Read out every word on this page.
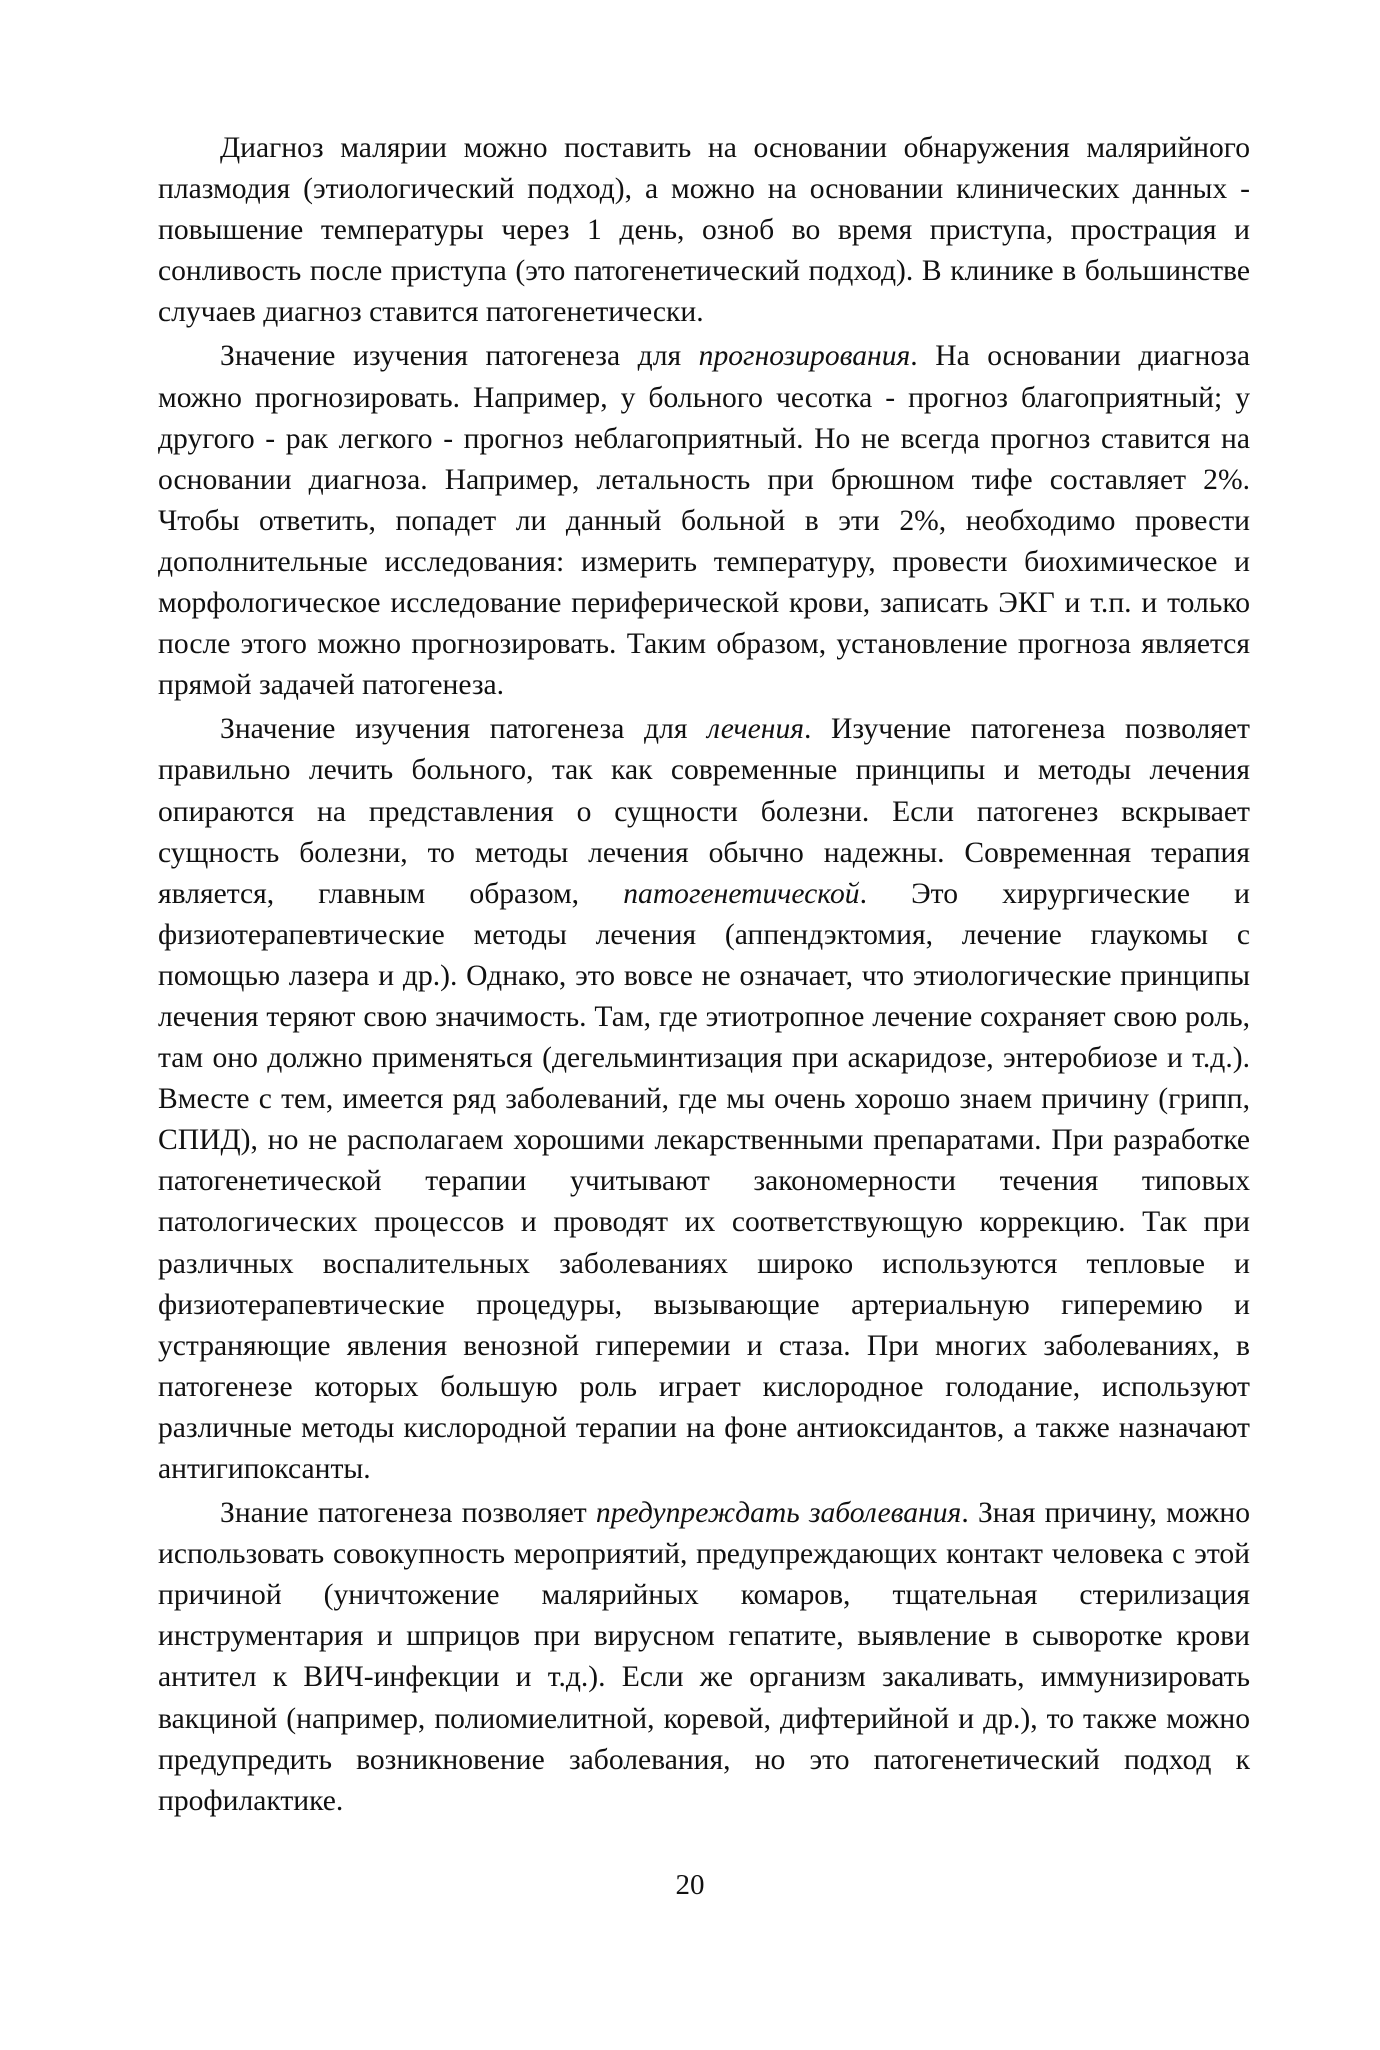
Диагноз малярии можно поставить на основании обнаружения малярийного плазмодия (этиологический подход), а можно на основании клинических данных - повышение температуры через 1 день, озноб во время приступа, прострация и сонливость после приступа (это патогенетический подход). В клинике в большинстве случаев диагноз ставится патогенетически.

Значение изучения патогенеза для прогнозирования. На основании диагноза можно прогнозировать. Например, у больного чесотка - прогноз благоприятный; у другого - рак легкого - прогноз неблагоприятный. Но не всегда прогноз ставится на основании диагноза. Например, летальность при брюшном тифе составляет 2%. Чтобы ответить, попадет ли данный больной в эти 2%, необходимо провести дополнительные исследования: измерить температуру, провести биохимическое и морфологическое исследование периферической крови, записать ЭКГ и т.п. и только после этого можно прогнозировать. Таким образом, установление прогноза является прямой задачей патогенеза.

Значение изучения патогенеза для лечения. Изучение патогенеза позволяет правильно лечить больного, так как современные принципы и методы лечения опираются на представления о сущности болезни. Если патогенез вскрывает сущность болезни, то методы лечения обычно надежны. Современная терапия является, главным образом, патогенетической. Это хирургические и физиотерапевтические методы лечения (аппендэктомия, лечение глаукомы с помощью лазера и др.). Однако, это вовсе не означает, что этиологические принципы лечения теряют свою значимость. Там, где этиотропное лечение сохраняет свою роль, там оно должно применяться (дегельминтизация при аскаридозе, энтеробиозе и т.д.). Вместе с тем, имеется ряд заболеваний, где мы очень хорошо знаем причину (грипп, СПИД), но не располагаем хорошими лекарственными препаратами. При разработке патогенетической терапии учитывают закономерности течения типовых патологических процессов и проводят их соответствующую коррекцию. Так при различных воспалительных заболеваниях широко используются тепловые и физиотерапевтические процедуры, вызывающие артериальную гиперемию и устраняющие явления венозной гиперемии и стаза. При многих заболеваниях, в патогенезе которых большую роль играет кислородное голодание, используют различные методы кислородной терапии на фоне антиоксидантов, а также назначают антигипоксанты.

Знание патогенеза позволяет предупреждать заболевания. Зная причину, можно использовать совокупность мероприятий, предупреждающих контакт человека с этой причиной (уничтожение малярийных комаров, тщательная стерилизация инструментария и шприцов при вирусном гепатите, выявление в сыворотке крови антител к ВИЧ-инфекции и т.д.). Если же организм закаливать, иммунизировать вакциной (например, полиомиелитной, коревой, дифтерийной и др.), то также можно предупредить возникновение заболевания, но это патогенетический подход к профилактике.

20
